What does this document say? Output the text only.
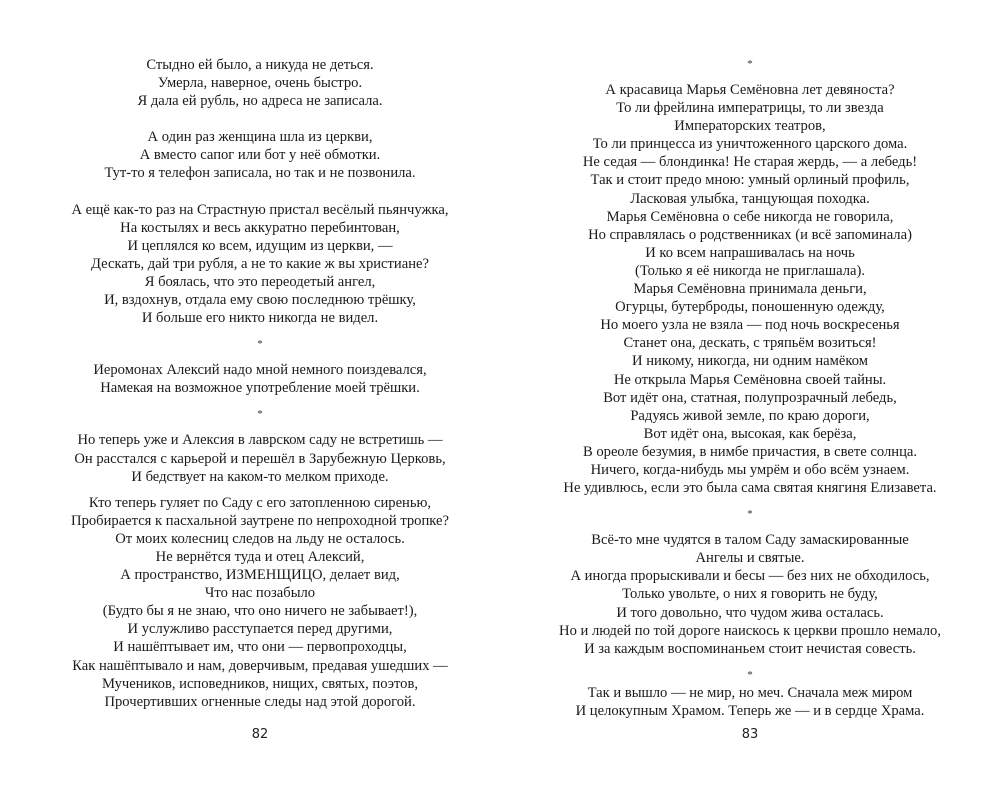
Стыдно ей было, а никуда не деться.
Умерла, наверное, очень быстро.
Я дала ей рубль, но адреса не записала.
А один раз женщина шла из церкви,
А вместо сапог или бот у неё обмотки.
Тут-то я телефон записала, но так и не позвонила.
А ещё как-то раз на Страстную пристал весёлый пьянчужка,
На костылях и весь аккуратно перебинтован,
И цеплялся ко всем, идущим из церкви, —
Дескать, дай три рубля, а не то какие ж вы христиане?
Я боялась, что это переодетый ангел,
И, вздохнув, отдала ему свою последнюю трёшку,
И больше его никто никогда не видел.
*
Иеромонах Алексий надо мной немного поиздевался,
Намекая на возможное употребление моей трёшки.
*
Но теперь уже и Алексия в лаврском саду не встретишь —
Он расстался с карьерой и перешёл в Зарубежную Церковь,
И бедствует на каком-то мелком приходе.
Кто теперь гуляет по Саду с его затопленною сиренью,
Пробирается к пасхальной заутрене по непроходной тропке?
От моих колесниц следов на льду не осталось.
Не вернётся туда и отец Алексий,
А пространство, ИЗМЕНЩИЦО, делает вид,
Что нас позабыло
(Будто бы я не знаю, что оно ничего не забывает!),
И услужливо расступается перед другими,
И нашёптывает им, что они — первопроходцы,
Как нашёптывало и нам, доверчивым, предавая ушедших —
Мучеников, исповедников, нищих, святых, поэтов,
Прочертивших огненные следы над этой дорогой.
82
*
А красавица Марья Семёновна лет девяноста?
То ли фрейлина императрицы, то ли звезда
Императорских театров,
То ли принцесса из уничтоженного царского дома.
Не седая — блондинка! Не старая жердь, — а лебедь!
Так и стоит предо мною: умный орлиный профиль,
Ласковая улыбка, танцующая походка.
Марья Семёновна о себе никогда не говорила,
Но справлялась о родственниках (и всё запоминала)
И ко всем напрашивалась на ночь
(Только я её никогда не приглашала).
Марья Семёновна принимала деньги,
Огурцы, бутерброды, поношенную одежду,
Но моего узла не взяла — под ночь воскресенья
Станет она, дескать, с тряпьём возиться!
И никому, никогда, ни одним намёком
Не открыла Марья Семёновна своей тайны.
Вот идёт она, статная, полупрозрачный лебедь,
Радуясь живой земле, по краю дороги,
Вот идёт она, высокая, как берёза,
В ореоле безумия, в нимбе причастия, в свете солнца.
Ничего, когда-нибудь мы умрём и обо всём узнаем.
Не удивлюсь, если это была сама святая княгиня Елизавета.
*
Всё-то мне чудятся в талом Саду замаскированные
Ангелы и святые.
А иногда прорыскивали и бесы — без них не обходилось,
Только увольте, о них я говорить не буду,
И того довольно, что чудом жива осталась.
Но и людей по той дороге наискось к церкви прошло немало,
И за каждым воспоминаньем стоит нечистая совесть.
*
Так и вышло — не мир, но меч. Сначала меж миром
И целокупным Храмом. Теперь же — и в сердце Храма.
83
